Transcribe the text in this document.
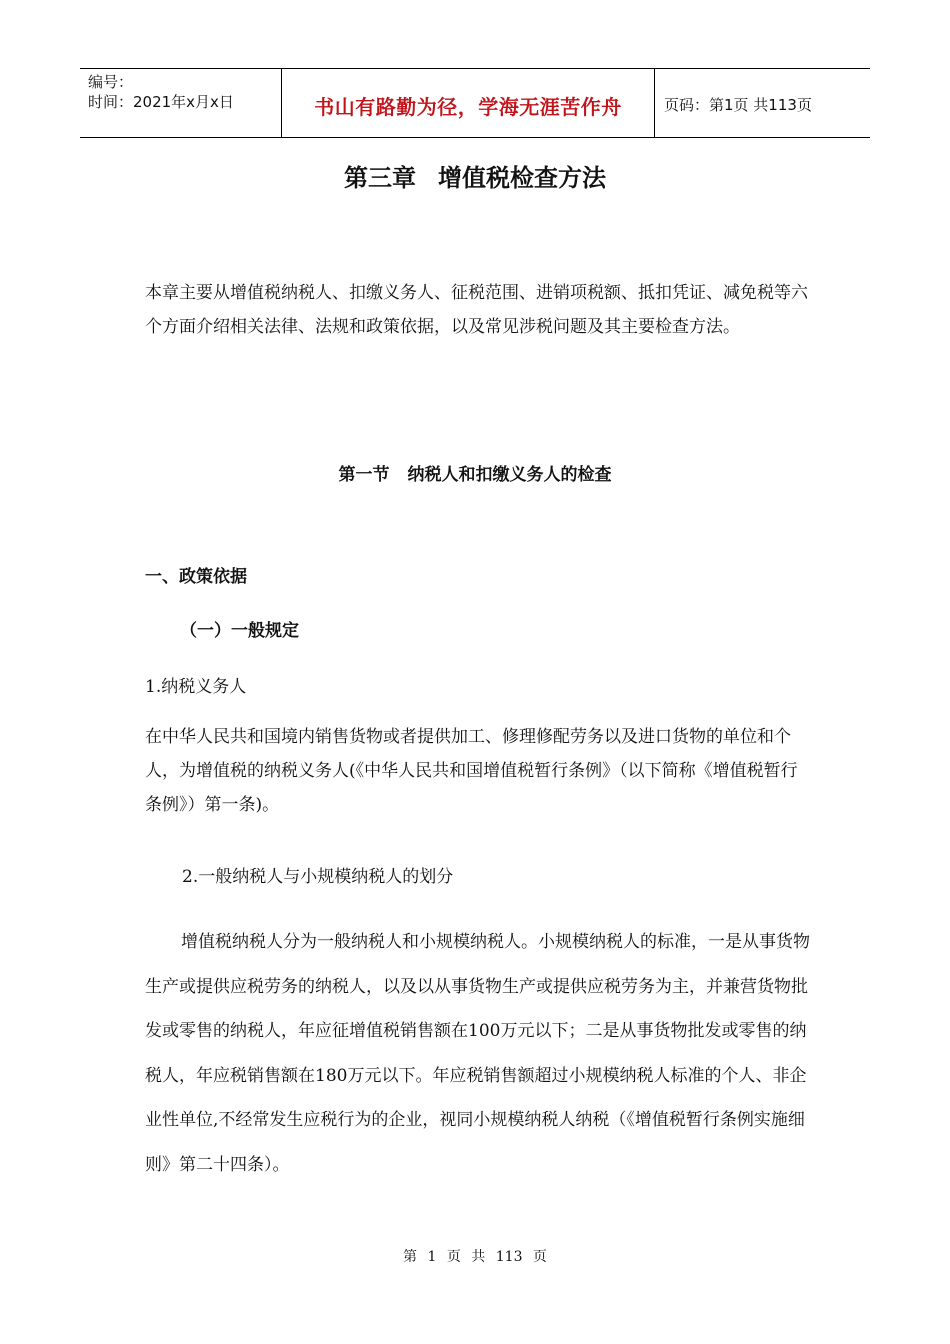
编号：
时间：2021年x月x日	书山有路勤为径，学海无涯苦作舟	页码：第1页 共113页
第三章 增值税检查方法
本章主要从增值税纳税人、扣缴义务人、征税范围、进销项税额、抵扣凭证、减免税等六个方面介绍相关法律、法规和政策依据，以及常见涉税问题及其主要检查方法。
第一节 纳税人和扣缴义务人的检查
一、政策依据
（一）一般规定
1.纳税义务人
在中华人民共和国境内销售货物或者提供加工、修理修配劳务以及进口货物的单位和个人，为增值税的纳税义务人(《中华人民共和国增值税暂行条例》（以下简称《增值税暂行条例》）第一条)。
2.一般纳税人与小规模纳税人的划分
增值税纳税人分为一般纳税人和小规模纳税人。小规模纳税人的标准，一是从事货物生产或提供应税劳务的纳税人，以及以从事货物生产或提供应税劳务为主，并兼营货物批发或零售的纳税人，年应征增值税销售额在100万元以下；二是从事货物批发或零售的纳税人，年应税销售额在180万元以下。年应税销售额超过小规模纳税人标准的个人、非企业性单位,不经常发生应税行为的企业，视同小规模纳税人纳税（《增值税暂行条例实施细则》第二十四条）。
第 1 页 共 113 页
